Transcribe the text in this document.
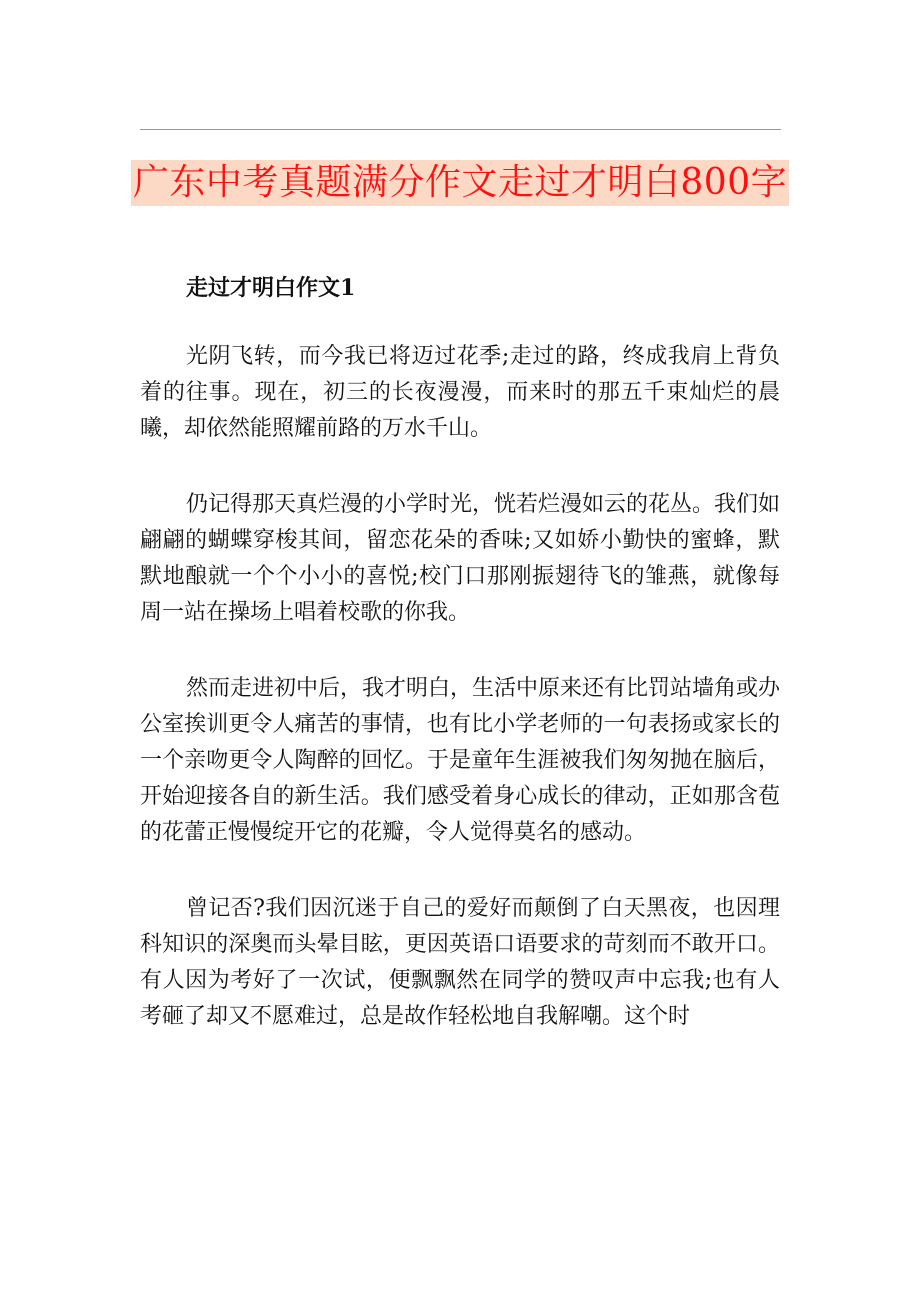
广东中考真题满分作文走过才明白800字
走过才明白作文1

光阴飞转，而今我已将迈过花季;走过的路，终成我肩上背负着的往事。现在，初三的长夜漫漫，而来时的那五千束灿烂的晨曦，却依然能照耀前路的万水千山。

仍记得那天真烂漫的小学时光，恍若烂漫如云的花丛。我们如翩翩的蝴蝶穿梭其间，留恋花朵的香味;又如娇小勤快的蜜蜂，默默地酿就一个个小小的喜悦;校门口那刚振翅待飞的雏燕，就像每周一站在操场上唱着校歌的你我。

然而走进初中后，我才明白，生活中原来还有比罚站墙角或办公室挨训更令人痛苦的事情，也有比小学老师的一句表扬或家长的一个亲吻更令人陶醉的回忆。于是童年生涯被我们匆匆抛在脑后，开始迎接各自的新生活。我们感受着身心成长的律动，正如那含苞的花蕾正慢慢绽开它的花瓣，令人觉得莫名的感动。

曾记否?我们因沉迷于自己的爱好而颠倒了白天黑夜，也因理科知识的深奥而头晕目眩，更因英语口语要求的苛刻而不敢开口。有人因为考好了一次试，便飘飘然在同学的赞叹声中忘我;也有人考砸了却又不愿难过，总是故作轻松地自我解嘲。这个时
